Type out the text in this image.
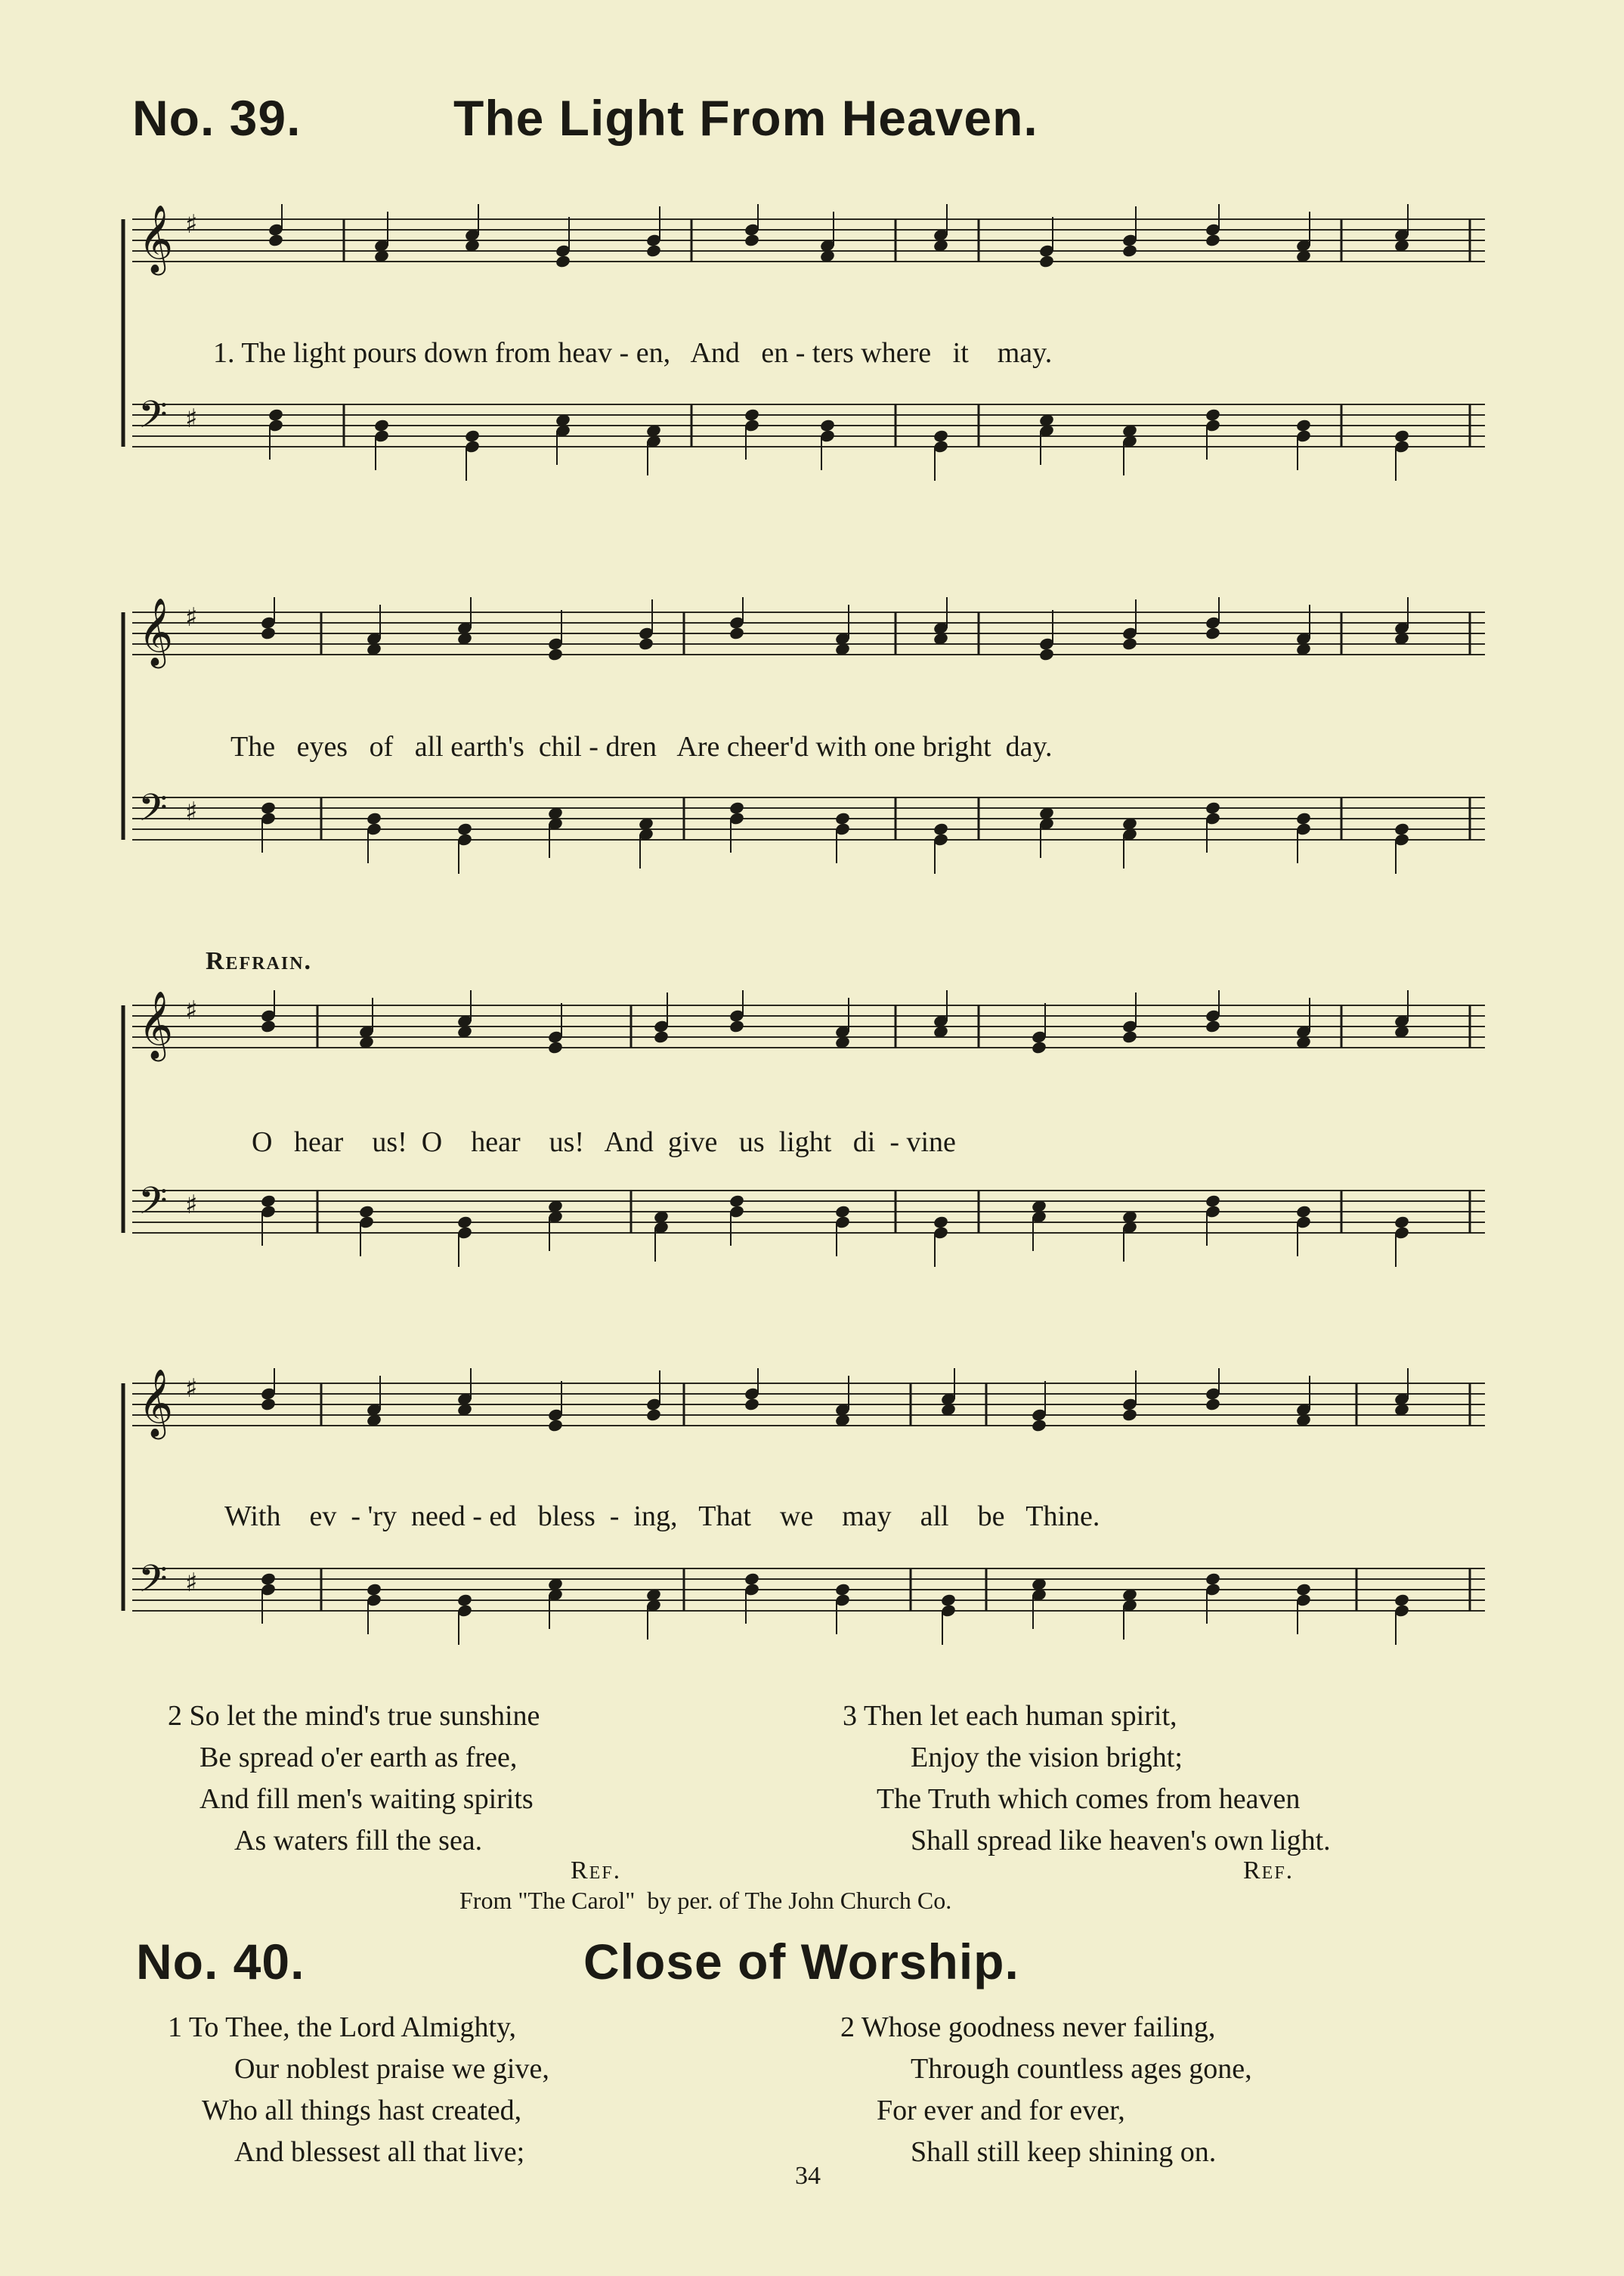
No. 39.	The Light From Heaven.
𝄞
𝄢
♯
♯
𝄞
𝄢
♯
♯
𝄞
𝄢
♯
♯
𝄞
𝄢
♯
♯
1. The light pours down from heav - en,   And   en - ters where   it    may.
The   eyes   of   all earth's  chil - dren   Are cheer'd with one bright  day.
Refrain.
O   hear    us!  O    hear    us!   And  give   us  light   di  - vine
With    ev  - 'ry  need - ed   bless  -  ing,   That    we    may    all    be   Thine.
2 So let the mind's true sunshine
Be spread o'er earth as free,
And fill men's waiting spirits
As waters fill the sea.
Ref.
3 Then let each human spirit,
Enjoy the vision bright;
The Truth which comes from heaven
Shall spread like heaven's own light.
Ref.
From "The Carol"  by per. of The John Church Co.
No. 40.	Close of Worship.
1 To Thee, the Lord Almighty,
Our noblest praise we give,
Who all things hast created,
And blessest all that live;
2 Whose goodness never failing,
Through countless ages gone,
For ever and for ever,
Shall still keep shining on.
34
